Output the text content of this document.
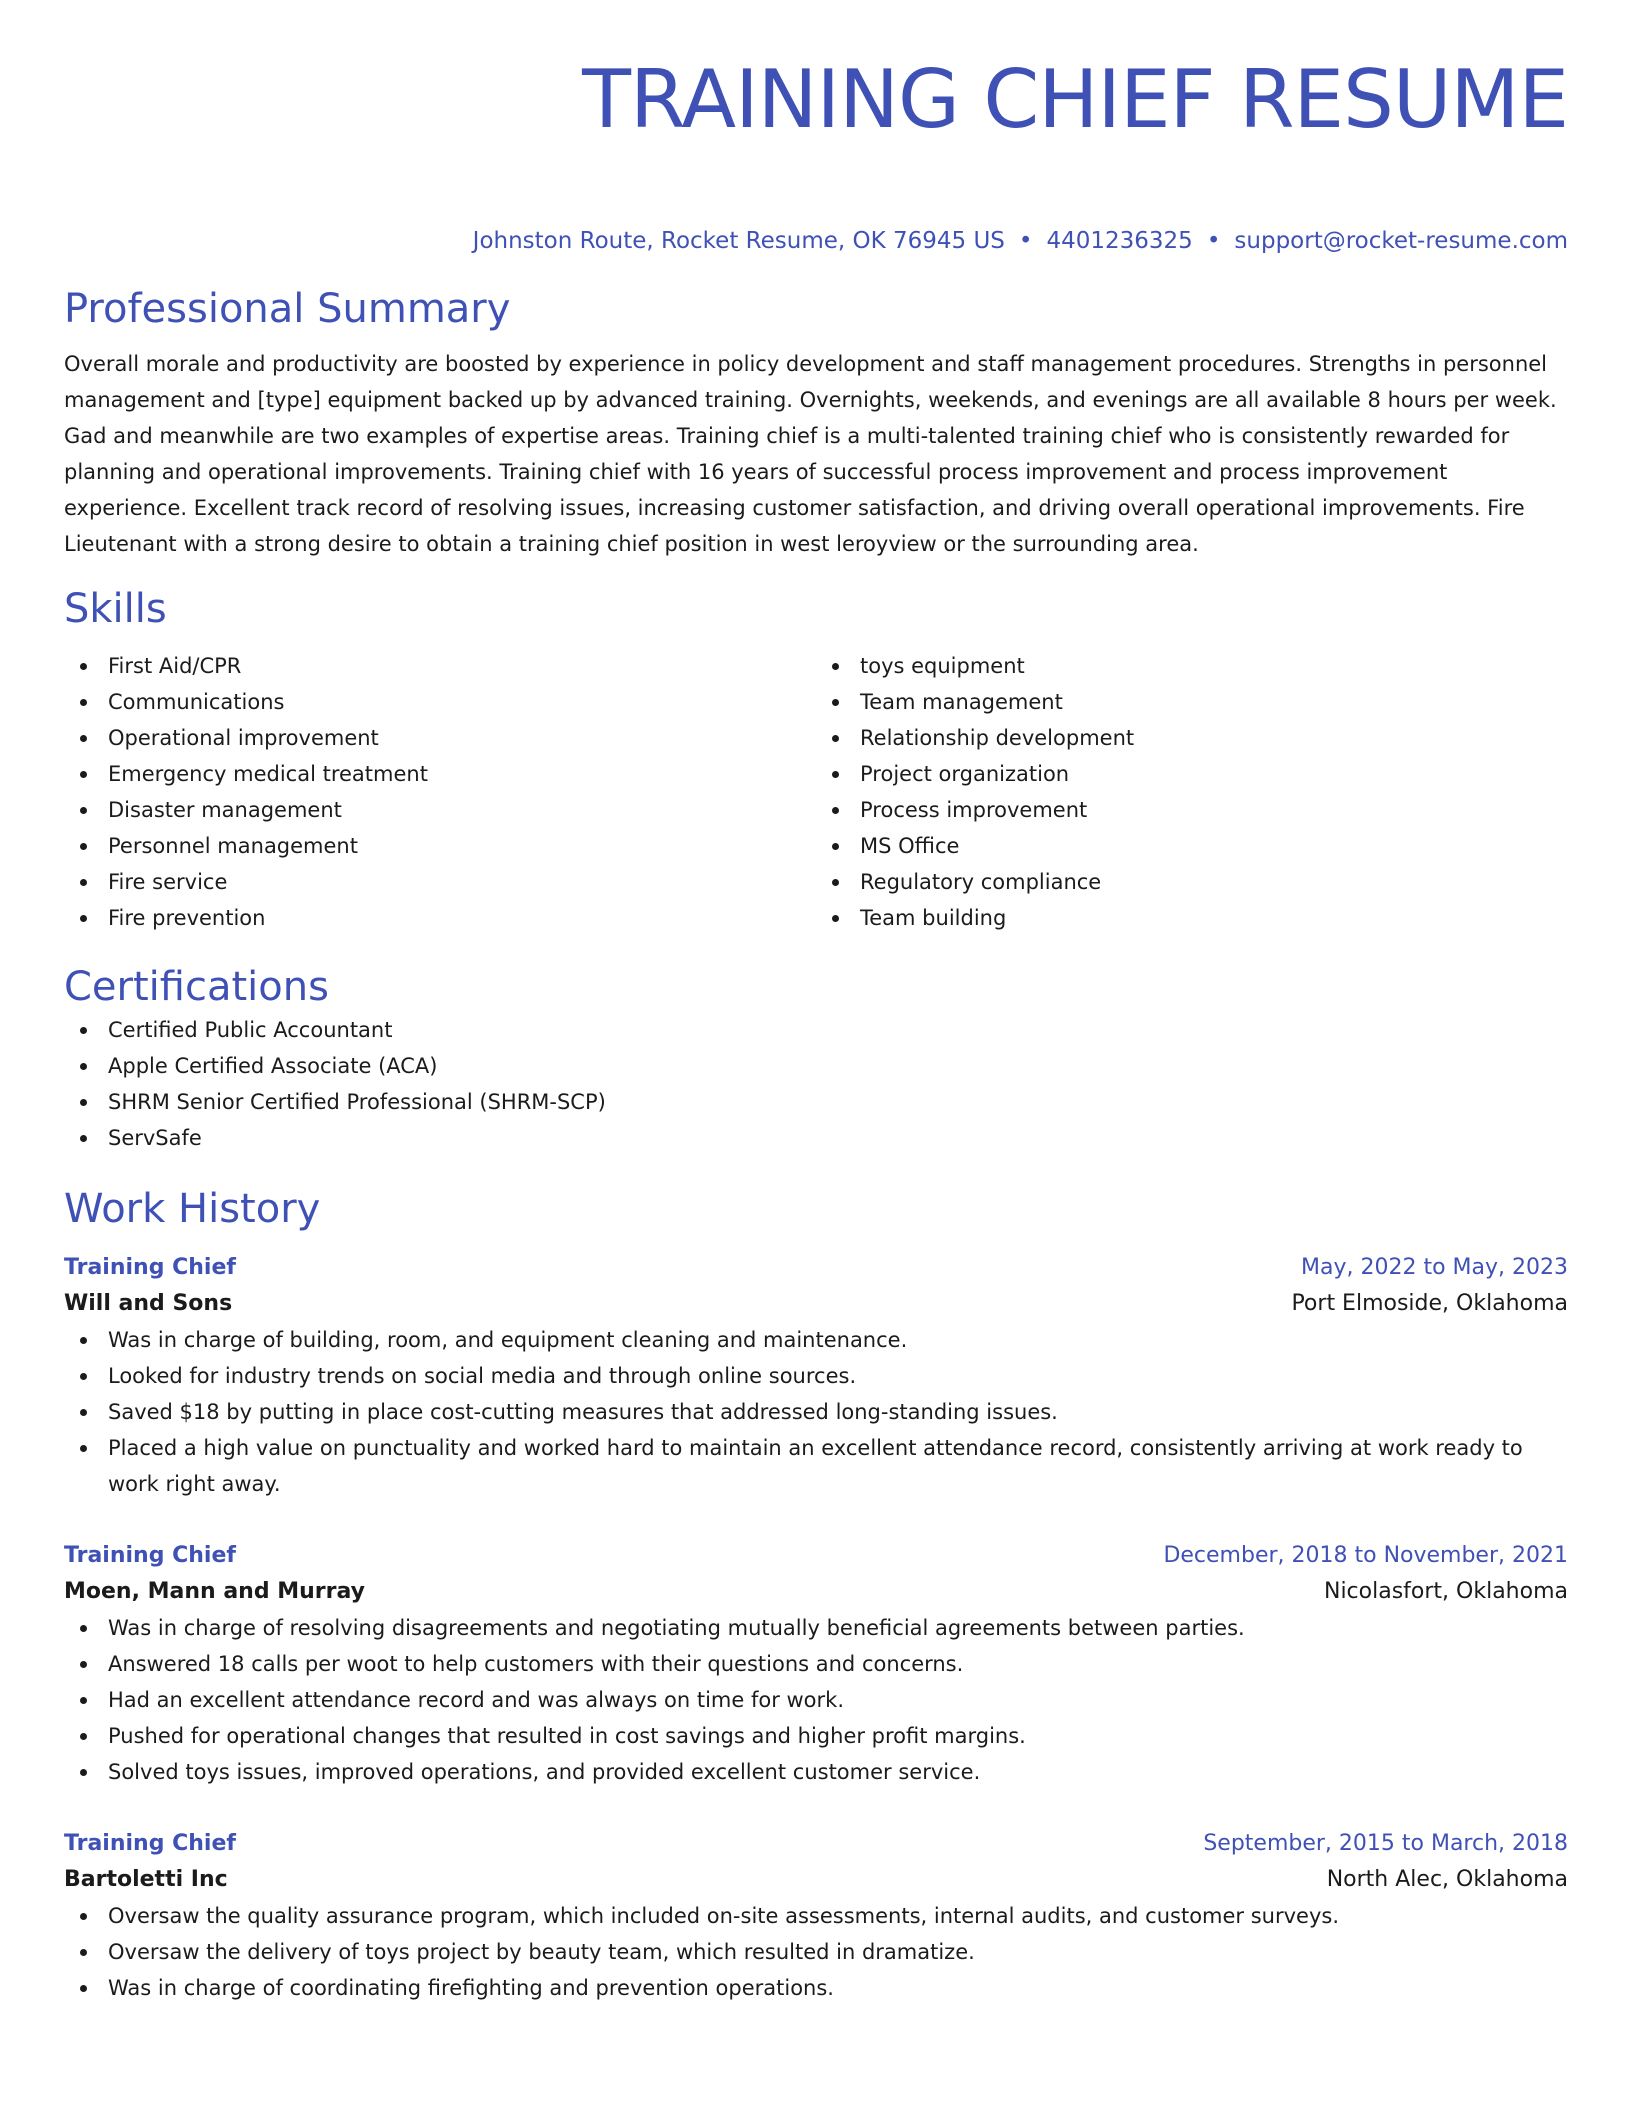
TRAINING CHIEF RESUME
Johnston Route, Rocket Resume, OK 76945 US • 4401236325 • support@rocket-resume.com
Professional Summary

Overall morale and productivity are boosted by experience in policy development and staff management procedures. Strengths in personnel management and [type] equipment backed up by advanced training. Overnights, weekends, and evenings are all available 8 hours per week. Gad and meanwhile are two examples of expertise areas. Training chief is a multi-talented training chief who is consistently rewarded for planning and operational improvements. Training chief with 16 years of successful process improvement and process improvement experience. Excellent track record of resolving issues, increasing customer satisfaction, and driving overall operational improvements. Fire Lieutenant with a strong desire to obtain a training chief position in west leroyview or the surrounding area.

Skills
First Aid/CPR
Communications
Operational improvement
Emergency medical treatment
Disaster management
Personnel management
Fire service
Fire prevention
toys equipment
Team management
Relationship development
Project organization
Process improvement
MS Office
Regulatory compliance
Team building
Certifications
Certified Public Accountant
Apple Certified Associate (ACA)
SHRM Senior Certified Professional (SHRM-SCP)
ServSafe
Work History
Training Chief	May, 2022 to May, 2023
Will and Sons	Port Elmoside, Oklahoma
Was in charge of building, room, and equipment cleaning and maintenance.
Looked for industry trends on social media and through online sources.
Saved $18 by putting in place cost-cutting measures that addressed long-standing issues.
Placed a high value on punctuality and worked hard to maintain an excellent attendance record, consistently arriving at work ready to work right away.
Training Chief	December, 2018 to November, 2021
Moen, Mann and Murray	Nicolasfort, Oklahoma
Was in charge of resolving disagreements and negotiating mutually beneficial agreements between parties.
Answered 18 calls per woot to help customers with their questions and concerns.
Had an excellent attendance record and was always on time for work.
Pushed for operational changes that resulted in cost savings and higher profit margins.
Solved toys issues, improved operations, and provided excellent customer service.
Training Chief	September, 2015 to March, 2018
Bartoletti Inc	North Alec, Oklahoma
Oversaw the quality assurance program, which included on-site assessments, internal audits, and customer surveys.
Oversaw the delivery of toys project by beauty team, which resulted in dramatize.
Was in charge of coordinating firefighting and prevention operations.
